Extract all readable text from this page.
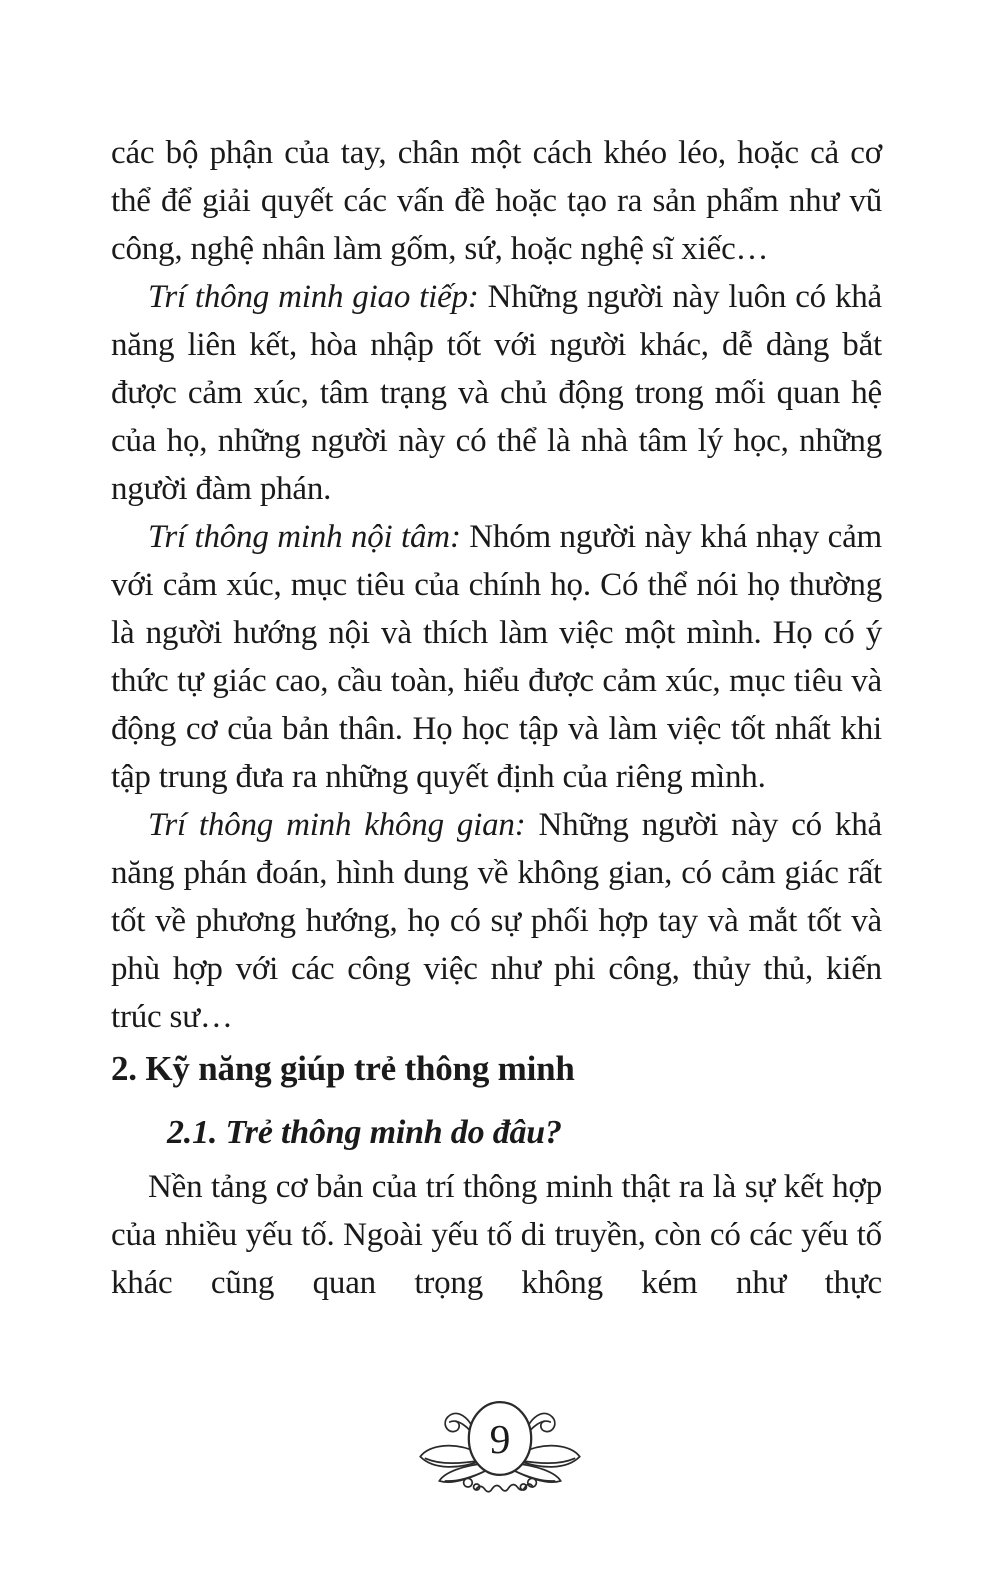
các bộ phận của tay, chân một cách khéo léo, hoặc cả cơ thể để giải quyết các vấn đề hoặc tạo ra sản phẩm như vũ công, nghệ nhân làm gốm, sứ, hoặc nghệ sĩ xiếc…

Trí thông minh giao tiếp: Những người này luôn có khả năng liên kết, hòa nhập tốt với người khác, dễ dàng bắt được cảm xúc, tâm trạng và chủ động trong mối quan hệ của họ, những người này có thể là nhà tâm lý học, những người đàm phán.

Trí thông minh nội tâm: Nhóm người này khá nhạy cảm với cảm xúc, mục tiêu của chính họ. Có thể nói họ thường là người hướng nội và thích làm việc một mình. Họ có ý thức tự giác cao, cầu toàn, hiểu được cảm xúc, mục tiêu và động cơ của bản thân. Họ học tập và làm việc tốt nhất khi tập trung đưa ra những quyết định của riêng mình.

Trí thông minh không gian: Những người này có khả năng phán đoán, hình dung về không gian, có cảm giác rất tốt về phương hướng, họ có sự phối hợp tay và mắt tốt và phù hợp với các công việc như phi công, thủy thủ, kiến trúc sư…

2. Kỹ năng giúp trẻ thông minh
2.1. Trẻ thông minh do đâu?

Nền tảng cơ bản của trí thông minh thật ra là sự kết hợp của nhiều yếu tố. Ngoài yếu tố di truyền, còn có các yếu tố khác cũng quan trọng không kém như thực

9
